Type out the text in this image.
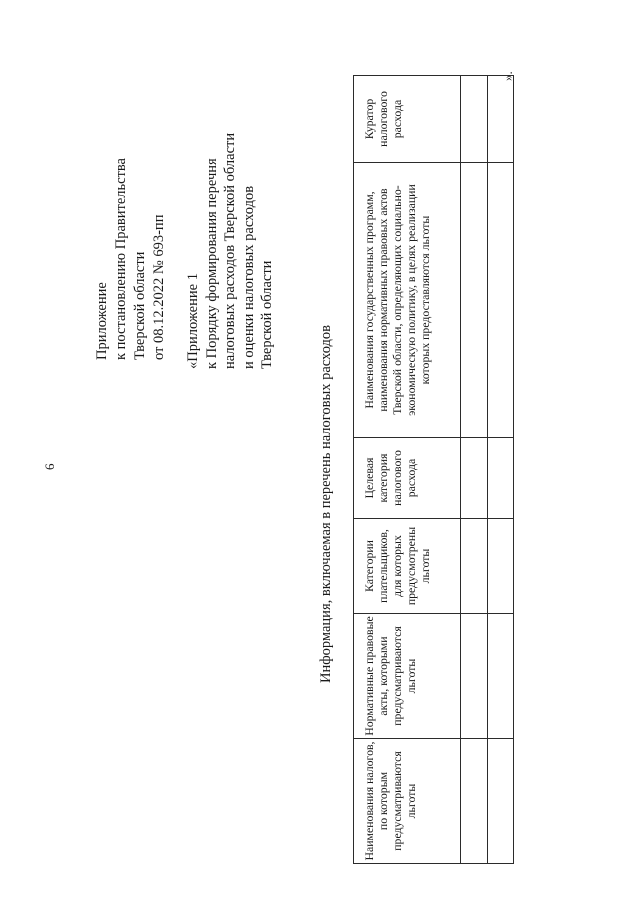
6
Приложение к постановлению Правительства Тверской области от 08.12.2022 № 693-пп «Приложение 1 к Порядку формирования перечня налоговых расходов Тверской области и оценки налоговых расходов Тверской области
Информация, включаемая в перечень налоговых расходов
Наименования налогов, по которым предусматриваются льготы	Нормативные правовые акты, которыми предусматриваются льготы	Категории плательщиков, для которых предусмотрены льготы	Целевая категория налогового расхода	Наименования государственных программ, наименования нормативных правовых актов Тверской области, определяющих социально-экономическую политику, в целях реализации которых предоставляются льготы	Куратор налогового расхода

».
